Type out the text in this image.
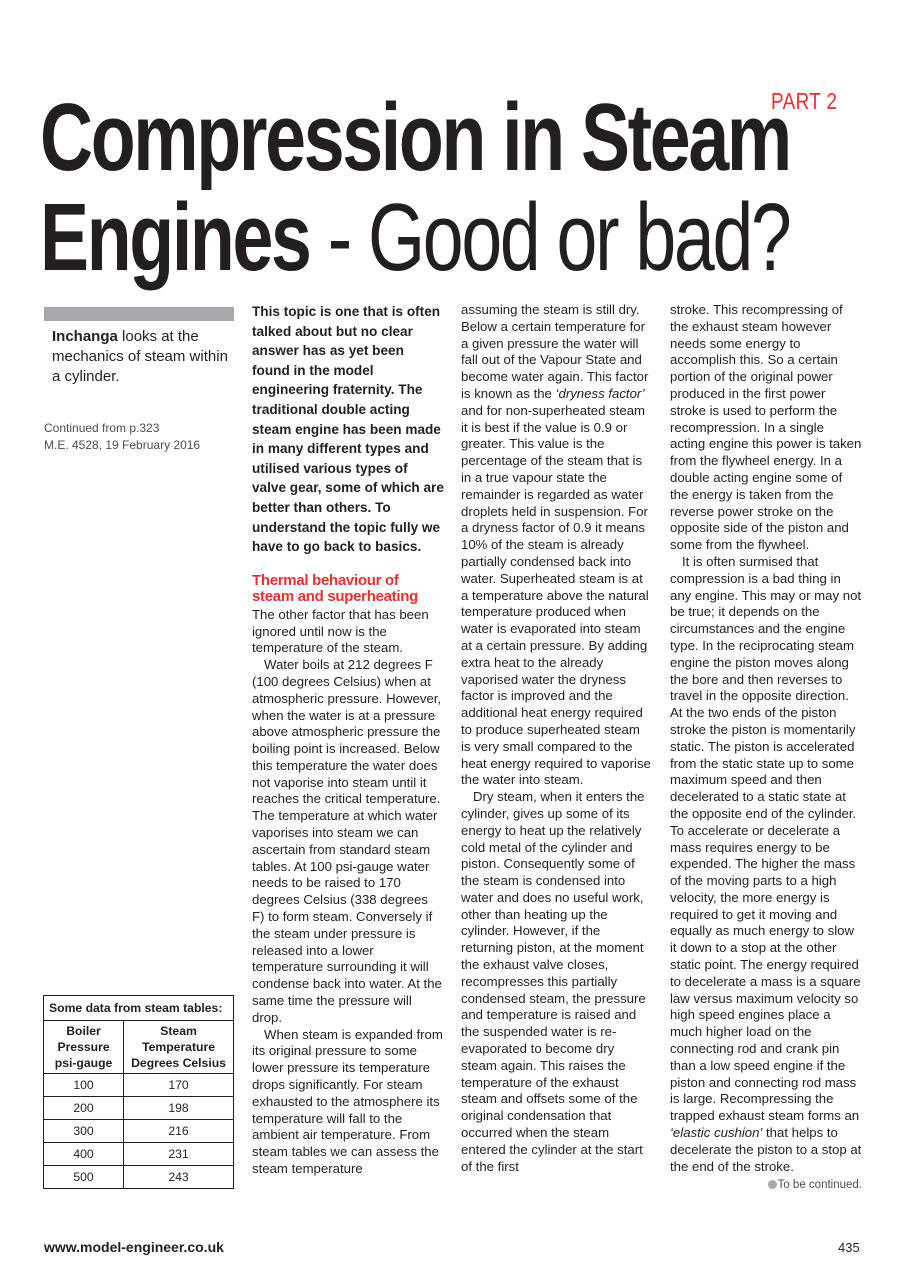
PART 2
Compression in Steam
Engines - Good or bad?
Inchanga looks at the mechanics of steam within a cylinder.
Continued from p.323
M.E. 4528, 19 February 2016
Some data from steam tables:	
Boiler Pressure psi-gauge	Steam Temperature Degrees Celsius
100	170
200	198
300	216
400	231
500	243

This topic is one that is often talked about but no clear answer has as yet been found in the model engineering fraternity. The traditional double acting steam engine has been made in many different types and utilised various types of valve gear, some of which are better than others. To understand the topic fully we have to go back to basics.

Thermal behaviour of steam and superheating

The other factor that has been ignored until now is the temperature of the steam.

Water boils at 212 degrees F (100 degrees Celsius) when at atmospheric pressure. However, when the water is at a pressure above atmospheric pressure the boiling point is increased. Below this temperature the water does not vaporise into steam until it reaches the critical temperature. The temperature at which water vaporises into steam we can ascertain from standard steam tables. At 100 psi-gauge water needs to be raised to 170 degrees Celsius (338 degrees F) to form steam. Conversely if the steam under pressure is released into a lower temperature surrounding it will condense back into water. At the same time the pressure will drop.

When steam is expanded from its original pressure to some lower pressure its temperature drops significantly. For steam exhausted to the atmosphere its temperature will fall to the ambient air temperature. From steam tables we can assess the steam temperature

assuming the steam is still dry. Below a certain temperature for a given pressure the water will fall out of the Vapour State and become water again. This factor is known as the ‘dryness factor’ and for non-superheated steam it is best if the value is 0.9 or greater. This value is the percentage of the steam that is in a true vapour state the remainder is regarded as water droplets held in suspension. For a dryness factor of 0.9 it means 10% of the steam is already partially condensed back into water. Superheated steam is at a temperature above the natural temperature produced when water is evaporated into steam at a certain pressure. By adding extra heat to the already vaporised water the dryness factor is improved and the additional heat energy required to produce superheated steam is very small compared to the heat energy required to vaporise the water into steam.

Dry steam, when it enters the cylinder, gives up some of its energy to heat up the relatively cold metal of the cylinder and piston. Consequently some of the steam is condensed into water and does no useful work, other than heating up the cylinder. However, if the returning piston, at the moment the exhaust valve closes, recompresses this partially condensed steam, the pressure and temperature is raised and the suspended water is re-evaporated to become dry steam again. This raises the temperature of the exhaust steam and offsets some of the original condensation that occurred when the steam entered the cylinder at the start of the first

stroke. This recompressing of the exhaust steam however needs some energy to accomplish this. So a certain portion of the original power produced in the first power stroke is used to perform the recompression. In a single acting engine this power is taken from the flywheel energy. In a double acting engine some of the energy is taken from the reverse power stroke on the opposite side of the piston and some from the flywheel.

It is often surmised that compression is a bad thing in any engine. This may or may not be true; it depends on the circumstances and the engine type. In the reciprocating steam engine the piston moves along the bore and then reverses to travel in the opposite direction. At the two ends of the piston stroke the piston is momentarily static. The piston is accelerated from the static state up to some maximum speed and then decelerated to a static state at the opposite end of the cylinder. To accelerate or decelerate a mass requires energy to be expended. The higher the mass of the moving parts to a high velocity, the more energy is required to get it moving and equally as much energy to slow it down to a stop at the other static point. The energy required to decelerate a mass is a square law versus maximum velocity so high speed engines place a much higher load on the connecting rod and crank pin than a low speed engine if the piston and connecting rod mass is large. Recompressing the trapped exhaust steam forms an ‘elastic cushion’ that helps to decelerate the piston to a stop at the end of the stroke.

To be continued.

www.model-engineer.co.uk	435
